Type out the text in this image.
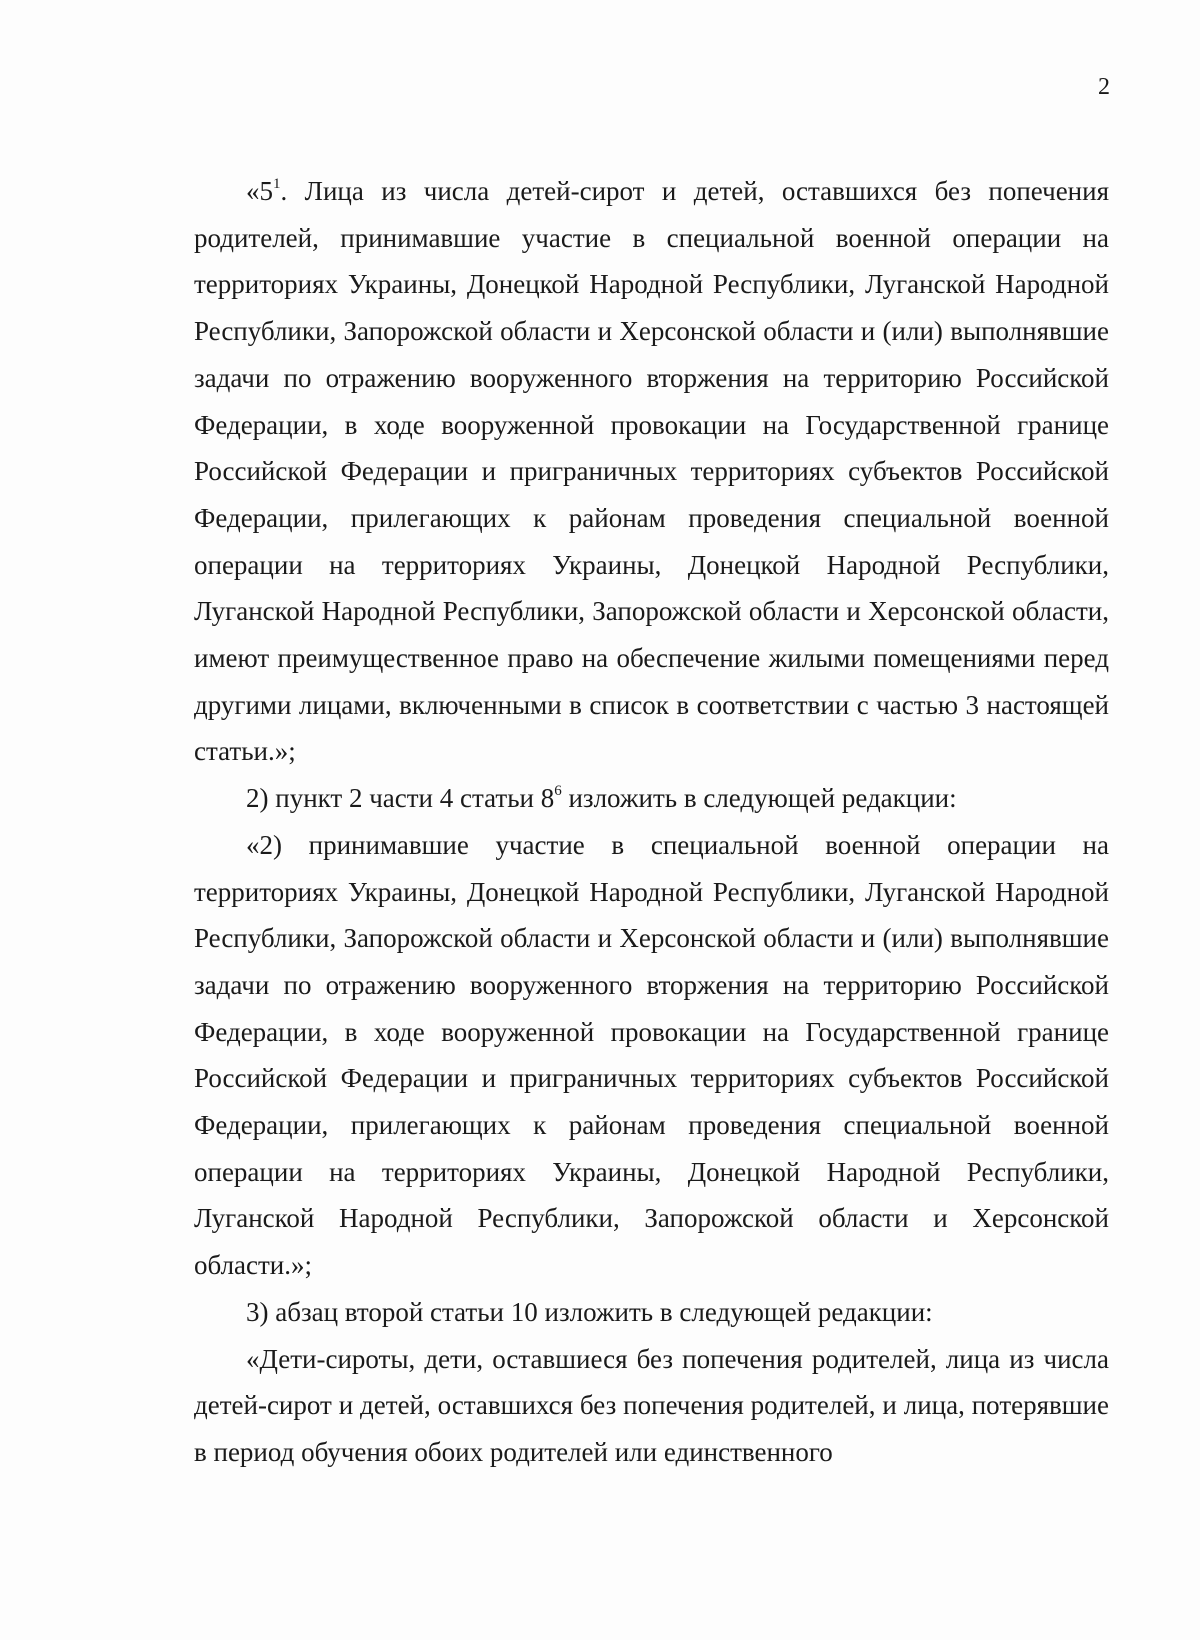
2

«$5^1$. Лица из числа детей-сирот и детей, оставшихся без попечения родителей, принимавшие участие в специальной военной операции на территориях Украины, Донецкой Народной Республики, Луганской Народной Республики, Запорожской области и Херсонской области и (или) выполнявшие задачи по отражению вооруженного вторжения на территорию Российской Федерации, в ходе вооруженной провокации на Государственной границе Российской Федерации и приграничных территориях субъектов Российской Федерации, прилегающих к районам проведения специальной военной операции на территориях Украины, Донецкой Народной Республики, Луганской Народной Республики, Запорожской области и Херсонской области, имеют преимущественное право на обеспечение жилыми помещениями перед другими лицами, включенными в список в соответствии с частью 3 настоящей статьи.»;

2) пункт 2 части 4 статьи $8^6$ изложить в следующей редакции:

«2) принимавшие участие в специальной военной операции на территориях Украины, Донецкой Народной Республики, Луганской Народной Республики, Запорожской области и Херсонской области и (или) выполнявшие задачи по отражению вооруженного вторжения на территорию Российской Федерации, в ходе вооруженной провокации на Государственной границе Российской Федерации и приграничных территориях субъектов Российской Федерации, прилегающих к районам проведения специальной военной операции на территориях Украины, Донецкой Народной Республики, Луганской Народной Республики, Запорожской области и Херсонской области.»;

3) абзац второй статьи 10 изложить в следующей редакции:

«Дети-сироты, дети, оставшиеся без попечения родителей, лица из числа детей-сирот и детей, оставшихся без попечения родителей, и лица, потерявшие в период обучения обоих родителей или единственного
